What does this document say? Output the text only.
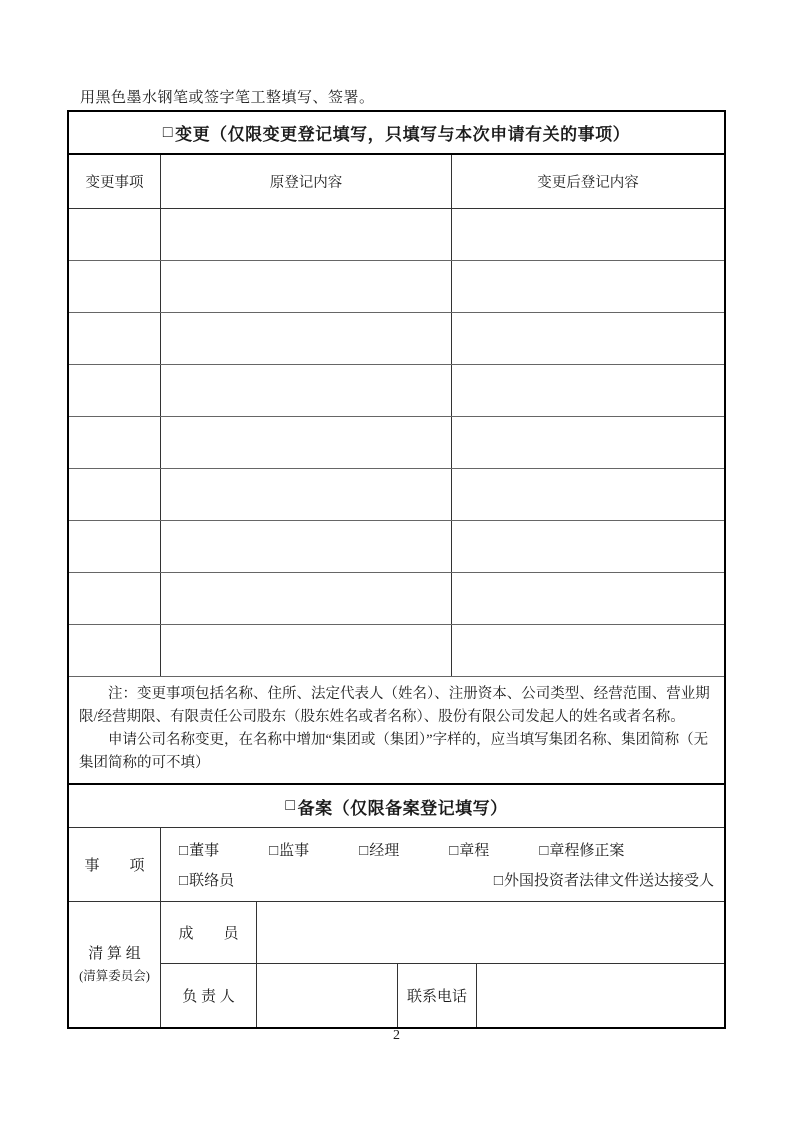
用黑色墨水钢笔或签字笔工整填写、签署。
□ 变更（仅限变更登记填写，只填写与本次申请有关的事项）
变更事项	原登记内容	变更后登记内容

注：变更事项包括名称、住所、法定代表人（姓名）、注册资本、公司类型、经营范围、营业期限/经营期限、有限责任公司股东（股东姓名或者名称）、股份有限公司发起人的姓名或者名称。

申请公司名称变更，在名称中增加“集团或（集团）”字样的，应当填写集团名称、集团简称（无集团简称的可不填）

□ 备案（仅限备案登记填写）
事　　项
□董事	□监事	□经理	□章程	□章程修正案
□联络员	□外国投资者法律文件送达接受人
清 算 组
(清算委员会)
成　　员
负 责 人	联系电话
2
